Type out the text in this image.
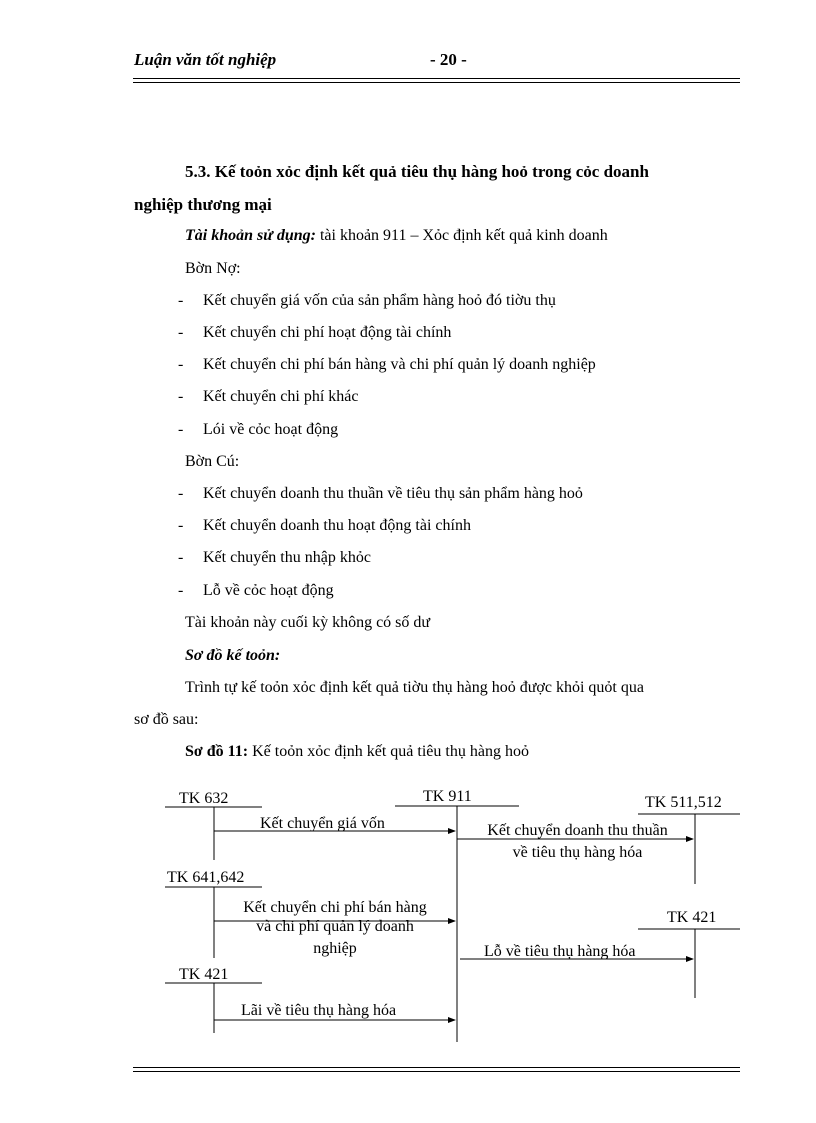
Luận văn tốt nghiệp	- 20 -
5.3. Kế toỏn xỏc định kết quả tiêu thụ hàng hoỏ trong cỏc doanh
nghiệp thương mại
Tài khoản sử dụng: tài khoản 911 – Xỏc định kết quả kinh doanh
Bờn Nợ:
- Kết chuyển giá vốn của sản phẩm hàng hoỏ đó tiờu thụ
- Kết chuyển chi phí hoạt động tài chính
- Kết chuyển chi phí bán hàng và chi phí quản lý doanh nghiệp
- Kết chuyển chi phí khác
- Lói về cỏc hoạt động
Bờn Cú:
- Kết chuyển doanh thu thuần về tiêu thụ sản phẩm hàng hoỏ
- Kết chuyển doanh thu hoạt động tài chính
- Kết chuyển thu nhập khỏc
- Lỗ về cỏc hoạt động
Tài khoản này cuối kỳ không có số dư
Sơ đồ kế toỏn:
Trình tự kế toỏn xỏc định kết quả tiờu thụ hàng hoỏ được khỏi quỏt qua
sơ đồ sau:
Sơ đồ 11: Kế toỏn xỏc định kết quả tiêu thụ hàng hoỏ
TK 632	TK 911	TK 511,512
TK 641,642
TK 421
TK 421
Kết chuyển giá vốn	Kết chuyển doanh thu thuần
về tiêu thụ hàng hóa
Kết chuyển chi phí bán hàng
và chi phí quản lý doanh
nghiệp	Lỗ về tiêu thụ hàng hóa
Lãi về tiêu thụ hàng hóa
